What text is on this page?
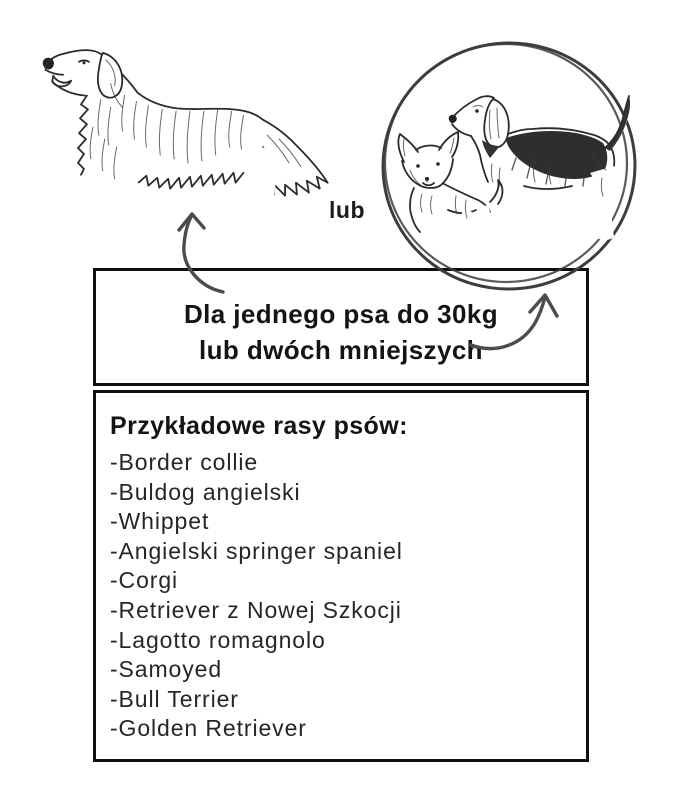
lub

Dla jednego psa do 30kg

lub dwóch mniejszych

Przykładowe rasy psów:
-Border collie
-Buldog angielski
-Whippet
-Angielski springer spaniel
-Corgi
-Retriever z Nowej Szkocji
-Lagotto romagnolo
-Samoyed
-Bull Terrier
-Golden Retriever
